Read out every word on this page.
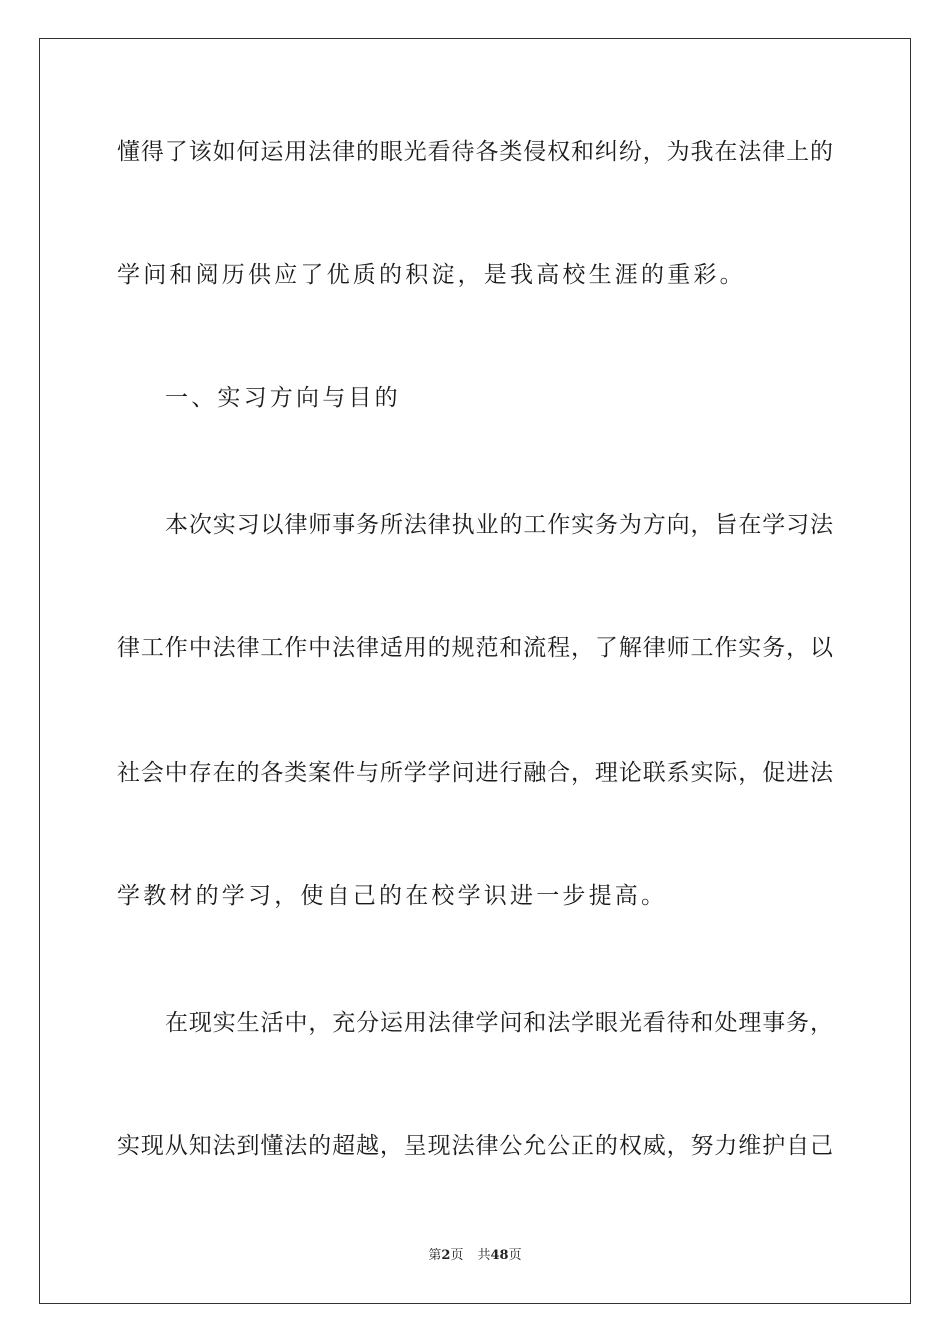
懂得了该如何运用法律的眼光看待各类侵权和纠纷，为我在法律上的
学问和阅历供应了优质的积淀，是我高校生涯的重彩。
一、实习方向与目的
本次实习以律师事务所法律执业的工作实务为方向，旨在学习法
律工作中法律工作中法律适用的规范和流程，了解律师工作实务，以
社会中存在的各类案件与所学学问进行融合，理论联系实际，促进法
学教材的学习，使自己的在校学识进一步提高。
在现实生活中，充分运用法律学问和法学眼光看待和处理事务，
实现从知法到懂法的超越，呈现法律公允公正的权威，努力维护自己
第2页 共48页
